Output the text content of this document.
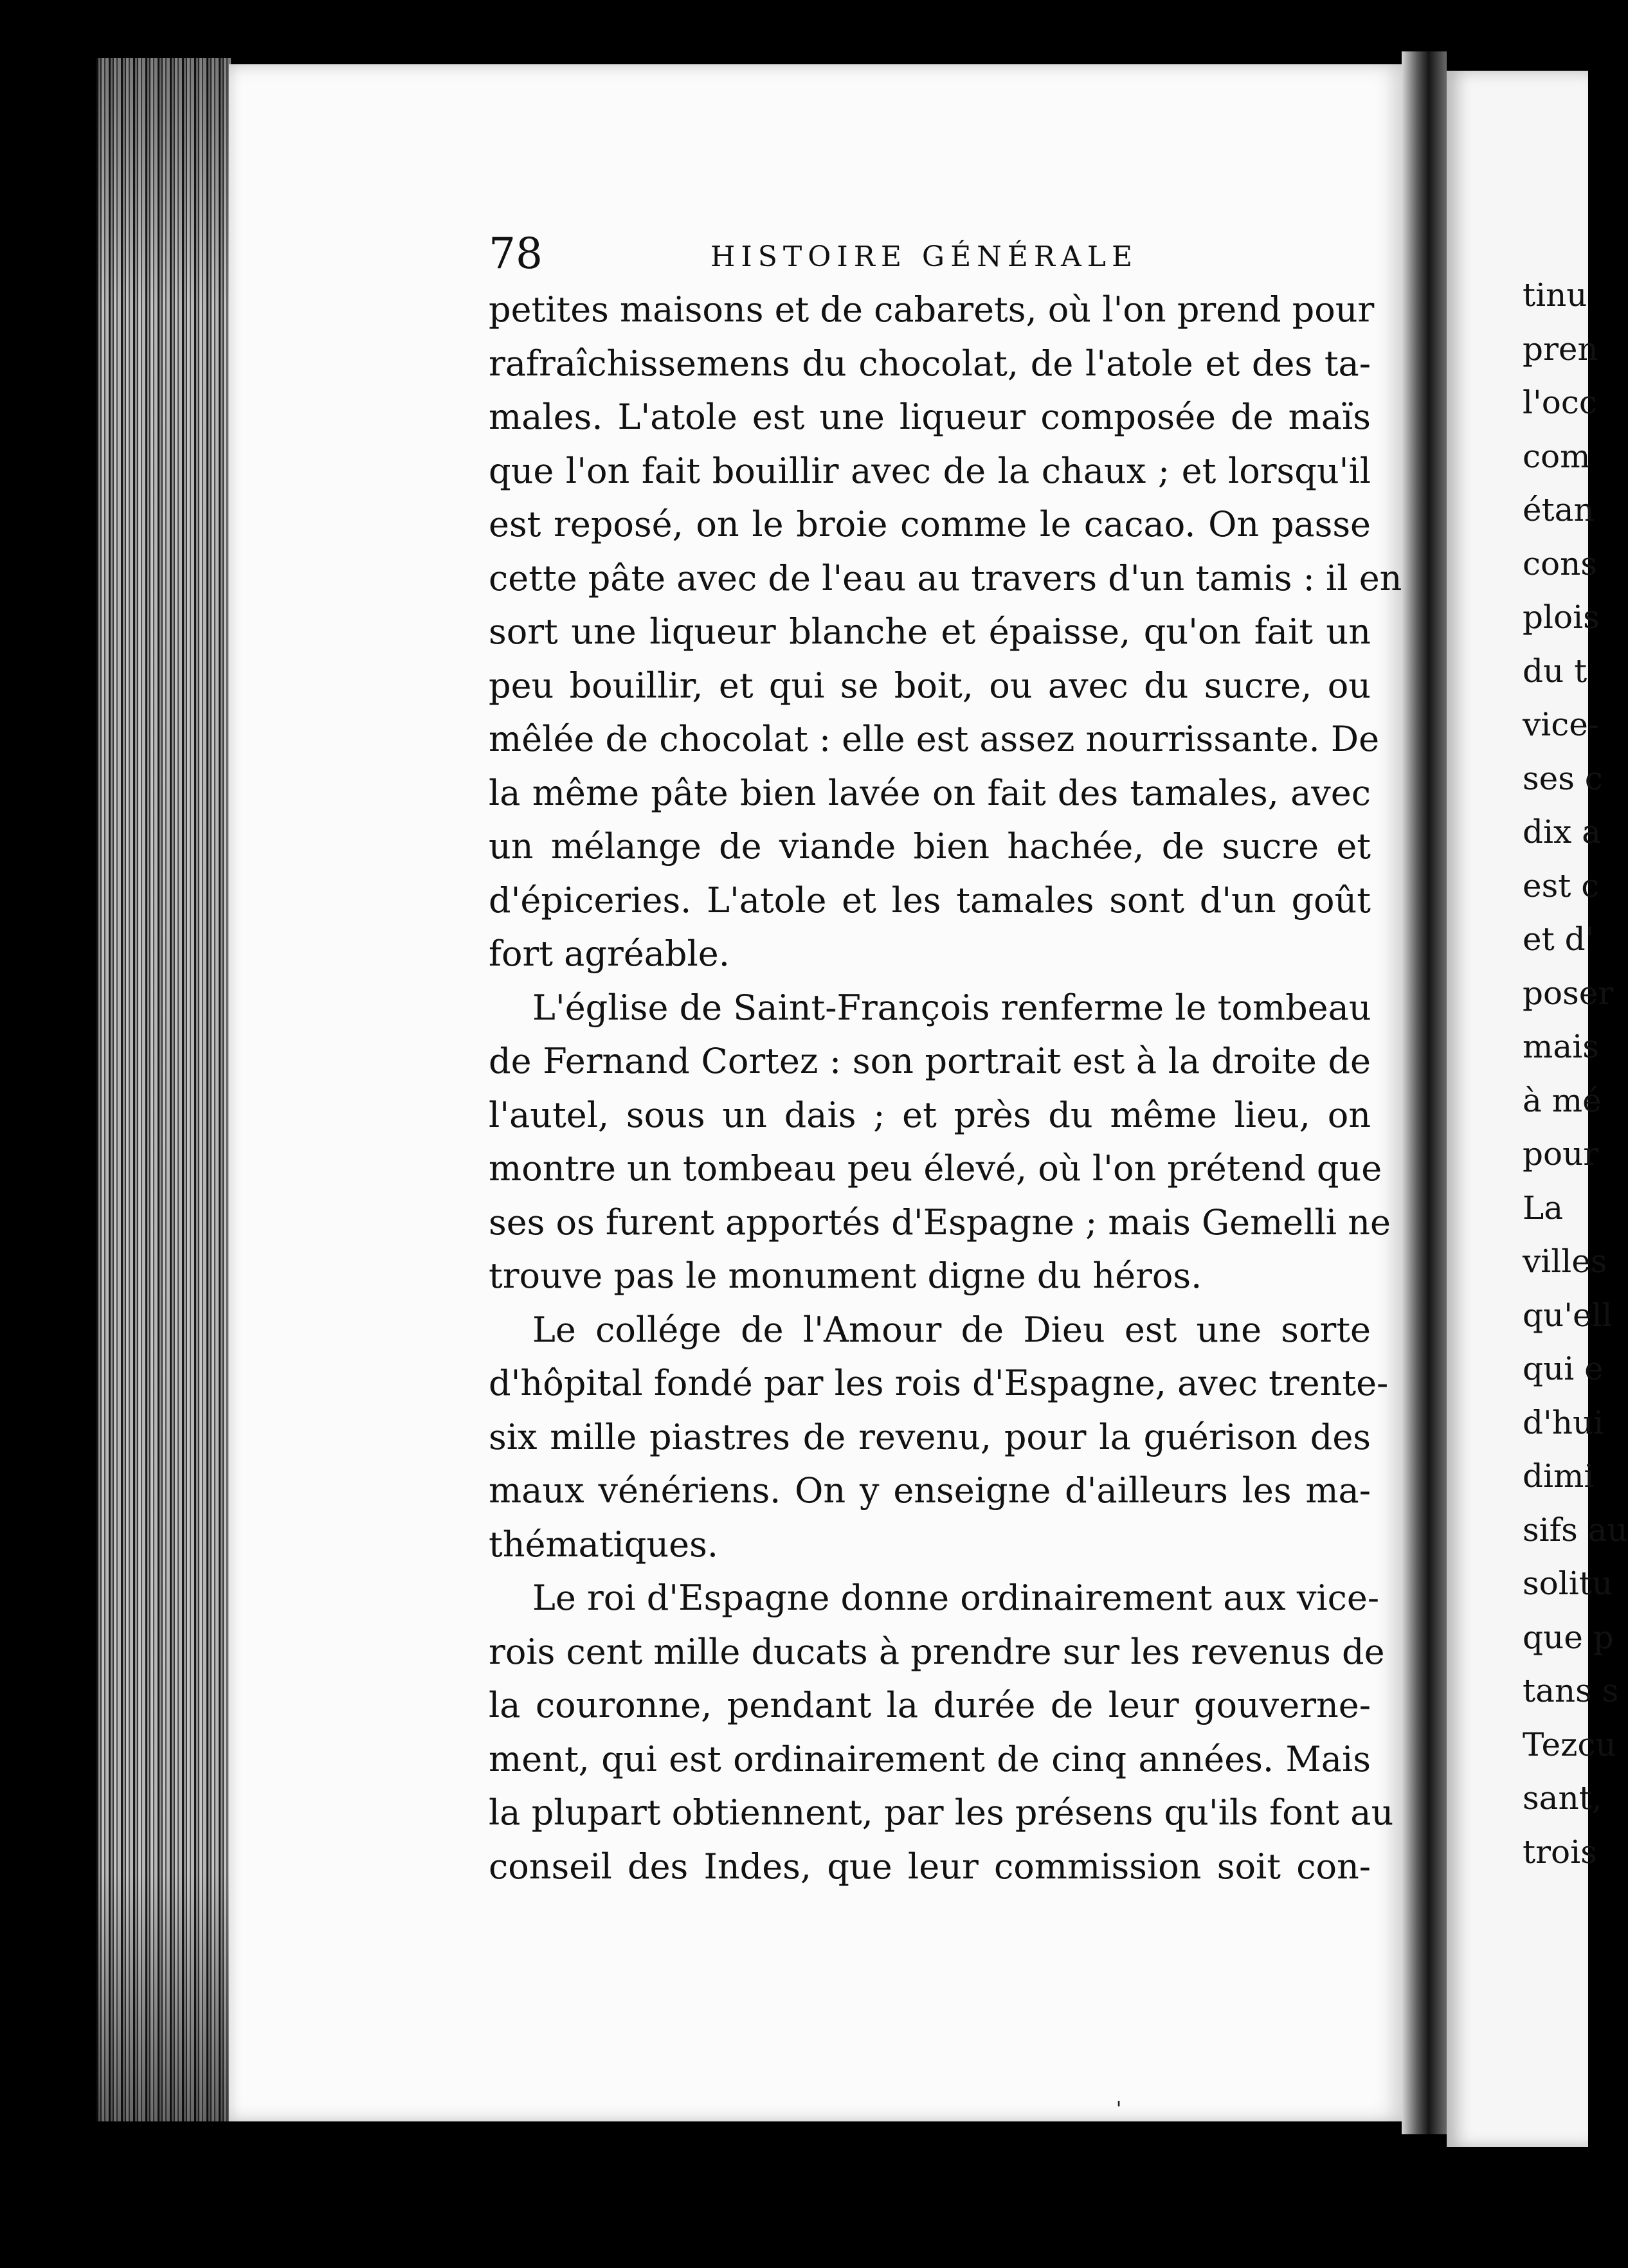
78	HISTOIRE GÉNÉRALE
petites maisons et de cabarets, où l'on prend pour
rafraîchissemens du chocolat, de l'atole et des ta-
males. L'atole est une liqueur composée de maïs
que l'on fait bouillir avec de la chaux ; et lorsqu'il
est reposé, on le broie comme le cacao. On passe
cette pâte avec de l'eau au travers d'un tamis : il en
sort une liqueur blanche et épaisse, qu'on fait un
peu bouillir, et qui se boit, ou avec du sucre, ou
mêlée de chocolat : elle est assez nourrissante. De
la même pâte bien lavée on fait des tamales, avec
un mélange de viande bien hachée, de sucre et
d'épiceries. L'atole et les tamales sont d'un goût
fort agréable.
L'église de Saint-François renferme le tombeau
de Fernand Cortez : son portrait est à la droite de
l'autel, sous un dais ; et près du même lieu, on
montre un tombeau peu élevé, où l'on prétend que
ses os furent apportés d'Espagne ; mais Gemelli ne
trouve pas le monument digne du héros.
Le collége de l'Amour de Dieu est une sorte
d'hôpital fondé par les rois d'Espagne, avec trente-
six mille piastres de revenu, pour la guérison des
maux vénériens. On y enseigne d'ailleurs les ma-
thématiques.
Le roi d'Espagne donne ordinairement aux vice-
rois cent mille ducats à prendre sur les revenus de
la couronne, pendant la durée de leur gouverne-
ment, qui est ordinairement de cinq années. Mais
la plupart obtiennent, par les présens qu'ils font au
conseil des Indes, que leur commission soit con-
tinu
pren
l'occ
com
étan
cons
plois
du t
vice-
ses c
dix a
est c
et d'
poser
mais
à mé
pour
La
villes
qu'ell
qui e
d'hui
dimi
sifs au
solitu
que p
tans s
Tezcu
sant,
trois
ˌ
